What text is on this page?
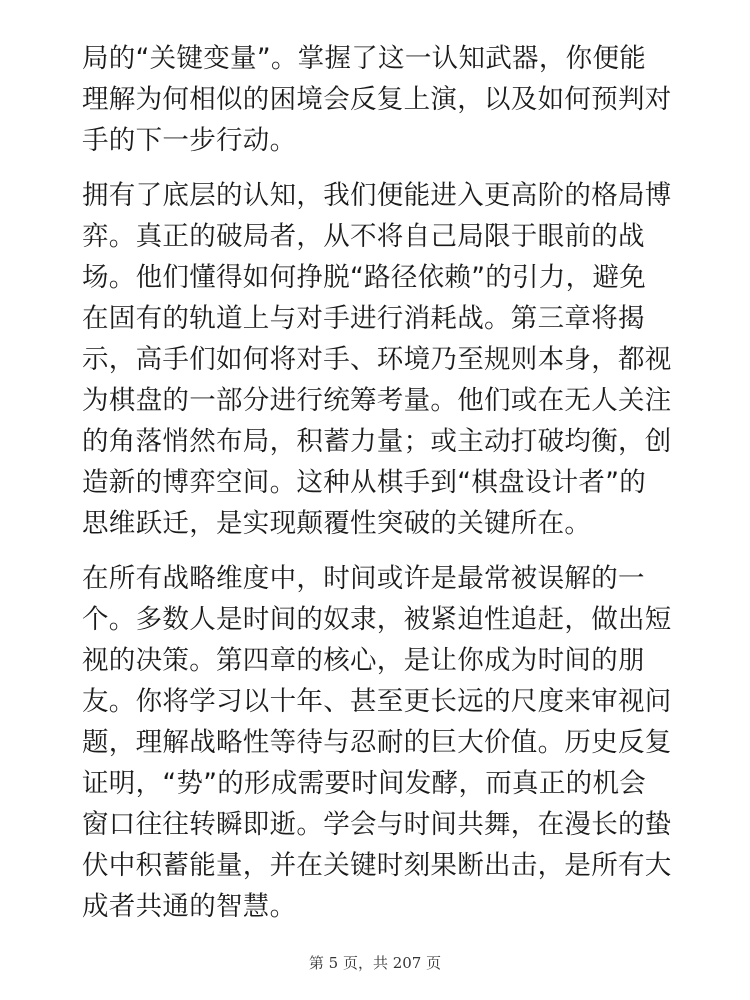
局的“关键变量”。掌握了这一认知武器，你便能
理解为何相似的困境会反复上演，以及如何预判对
手的下一步行动。
拥有了底层的认知，我们便能进入更高阶的格局博
弈。真正的破局者，从不将自己局限于眼前的战
场。他们懂得如何挣脱“路径依赖”的引力，避免
在固有的轨道上与对手进行消耗战。第三章将揭
示，高手们如何将对手、环境乃至规则本身，都视
为棋盘的一部分进行统筹考量。他们或在无人关注
的角落悄然布局，积蓄力量；或主动打破均衡，创
造新的博弈空间。这种从棋手到“棋盘设计者”的
思维跃迁，是实现颠覆性突破的关键所在。
在所有战略维度中，时间或许是最常被误解的一
个。多数人是时间的奴隶，被紧迫性追赶，做出短
视的决策。第四章的核心，是让你成为时间的朋
友。你将学习以十年、甚至更长远的尺度来审视问
题，理解战略性等待与忍耐的巨大价值。历史反复
证明，“势”的形成需要时间发酵，而真正的机会
窗口往往转瞬即逝。学会与时间共舞，在漫长的蛰
伏中积蓄能量，并在关键时刻果断出击，是所有大
成者共通的智慧。
第 5 页，共 207 页
